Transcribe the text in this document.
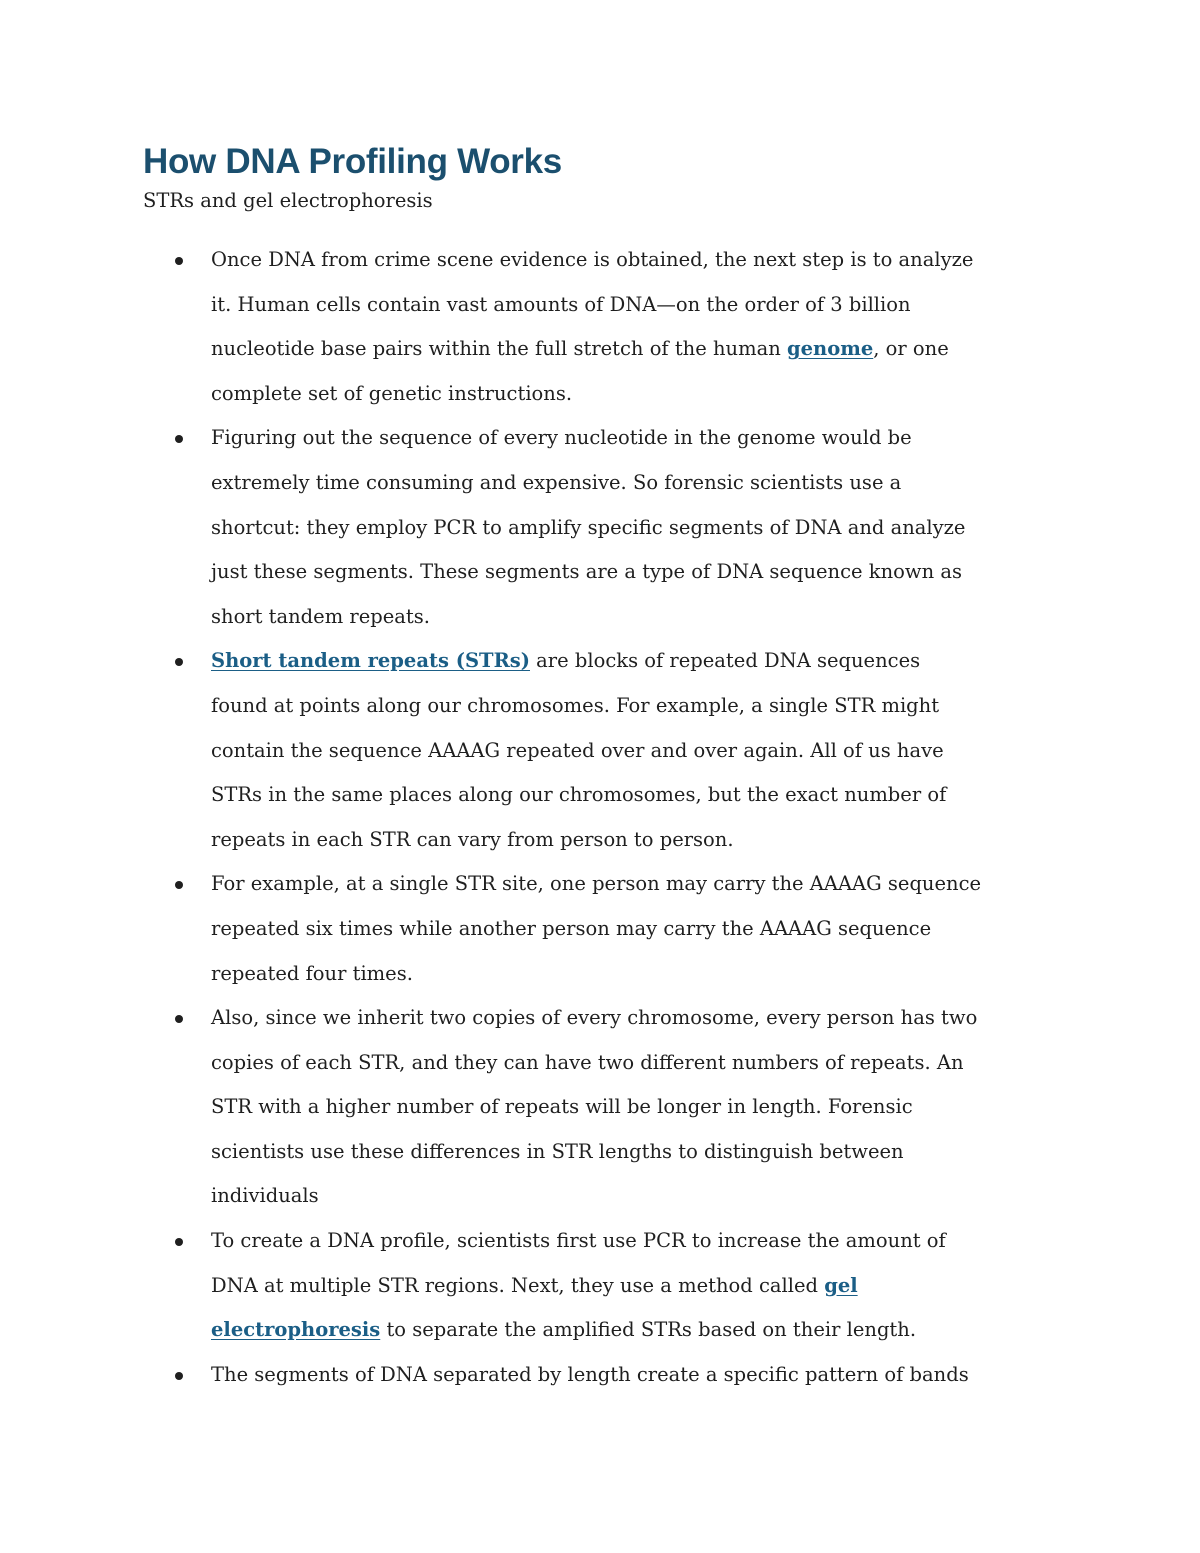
How DNA Profiling Works

STRs and gel electrophoresis

Once DNA from crime scene evidence is obtained, the next step is to analyze
it. Human cells contain vast amounts of DNA—on the order of 3 billion
nucleotide base pairs within the full stretch of the human genome, or one
complete set of genetic instructions.
Figuring out the sequence of every nucleotide in the genome would be
extremely time consuming and expensive. So forensic scientists use a
shortcut: they employ PCR to amplify specific segments of DNA and analyze
just these segments. These segments are a type of DNA sequence known as
short tandem repeats.
Short tandem repeats (STRs) are blocks of repeated DNA sequences
found at points along our chromosomes. For example, a single STR might
contain the sequence AAAAG repeated over and over again. All of us have
STRs in the same places along our chromosomes, but the exact number of
repeats in each STR can vary from person to person.
For example, at a single STR site, one person may carry the AAAAG sequence
repeated six times while another person may carry the AAAAG sequence
repeated four times.
Also, since we inherit two copies of every chromosome, every person has two
copies of each STR, and they can have two different numbers of repeats. An
STR with a higher number of repeats will be longer in length. Forensic
scientists use these differences in STR lengths to distinguish between
individuals
To create a DNA profile, scientists first use PCR to increase the amount of
DNA at multiple STR regions. Next, they use a method called gel
electrophoresis to separate the amplified STRs based on their length.
The segments of DNA separated by length create a specific pattern of bands
